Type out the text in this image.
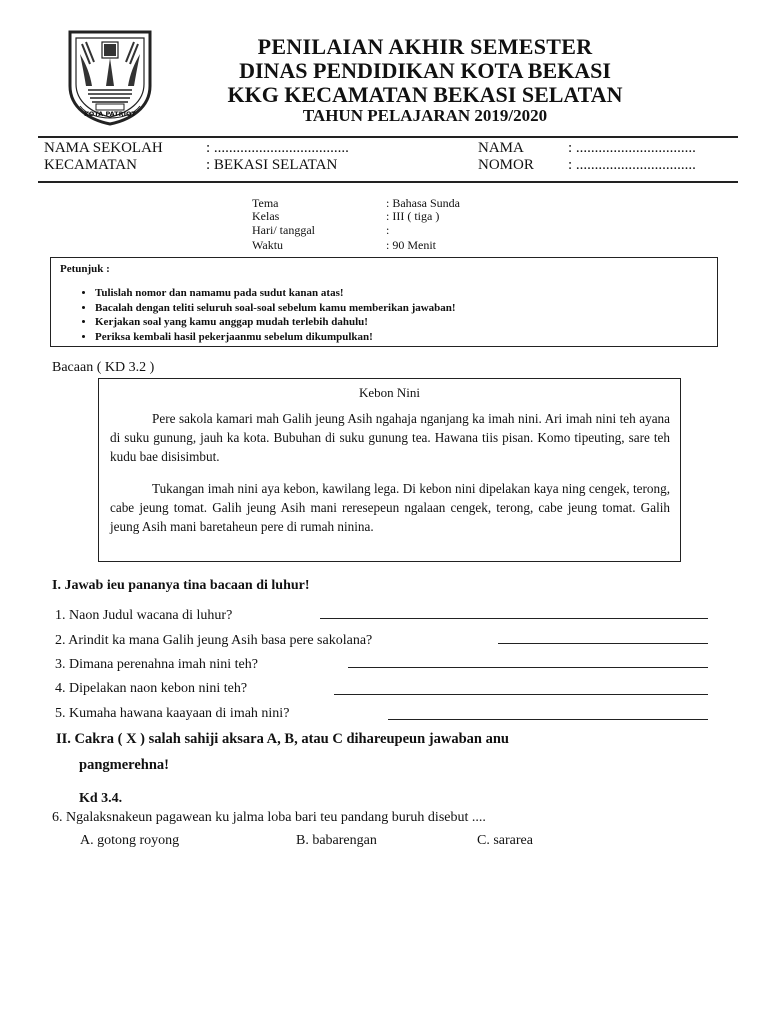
KOTA PATRIOT
PENILAIAN AKHIR SEMESTER
DINAS PENDIDIKAN KOTA BEKASI
KKG KECAMATAN BEKASI SELATAN
TAHUN PELAJARAN 2019/2020
NAMA SEKOLAH	: ....................................
KECAMATAN	: BEKASI SELATAN
NAMA	: ................................
NOMOR : ................................
Tema	: Bahasa Sunda
Kelas	: III ( tiga )
Hari/ tanggal	:
Waktu	: 90 Menit
Petunjuk :
• Tulislah nomor dan namamu pada sudut kanan atas!
• Bacalah dengan teliti seluruh soal-soal sebelum kamu memberikan jawaban!
• Kerjakan soal yang kamu anggap mudah terlebih dahulu!
• Periksa kembali hasil pekerjaanmu sebelum dikumpulkan!
Bacaan ( KD 3.2 )
Kebon Nini

Pere sakola kamari mah Galih jeung Asih ngahaja nganjang ka imah nini. Ari imah nini teh ayana di suku gunung, jauh ka kota. Bubuhan di suku gunung tea. Hawana tiis pisan. Komo tipeuting, sare teh kudu bae disisimbut.

Tukangan imah nini aya kebon, kawilang lega. Di kebon nini dipelakan kaya ning cengek, terong, cabe jeung tomat. Galih jeung Asih mani reresepeun ngalaan cengek, terong, cabe jeung tomat. Galih jeung Asih mani baretaheun pere di rumah ninina.

I. Jawab ieu pananya tina bacaan di luhur!
1. Naon Judul wacana di luhur?
2. Arindit ka mana Galih jeung Asih basa pere sakolana?
3. Dimana perenahna imah nini teh?
4. Dipelakan naon kebon nini teh?
5. Kumaha hawana kaayaan di imah nini?
II. Cakra ( X ) salah sahiji aksara A, B, atau C dihareupeun jawaban anu
pangmerehna!
Kd 3.4.
6. Ngalaksnakeun pagawean ku jalma loba bari teu pandang buruh disebut ....
A. gotong royong	B. babarengan	C. sararea
